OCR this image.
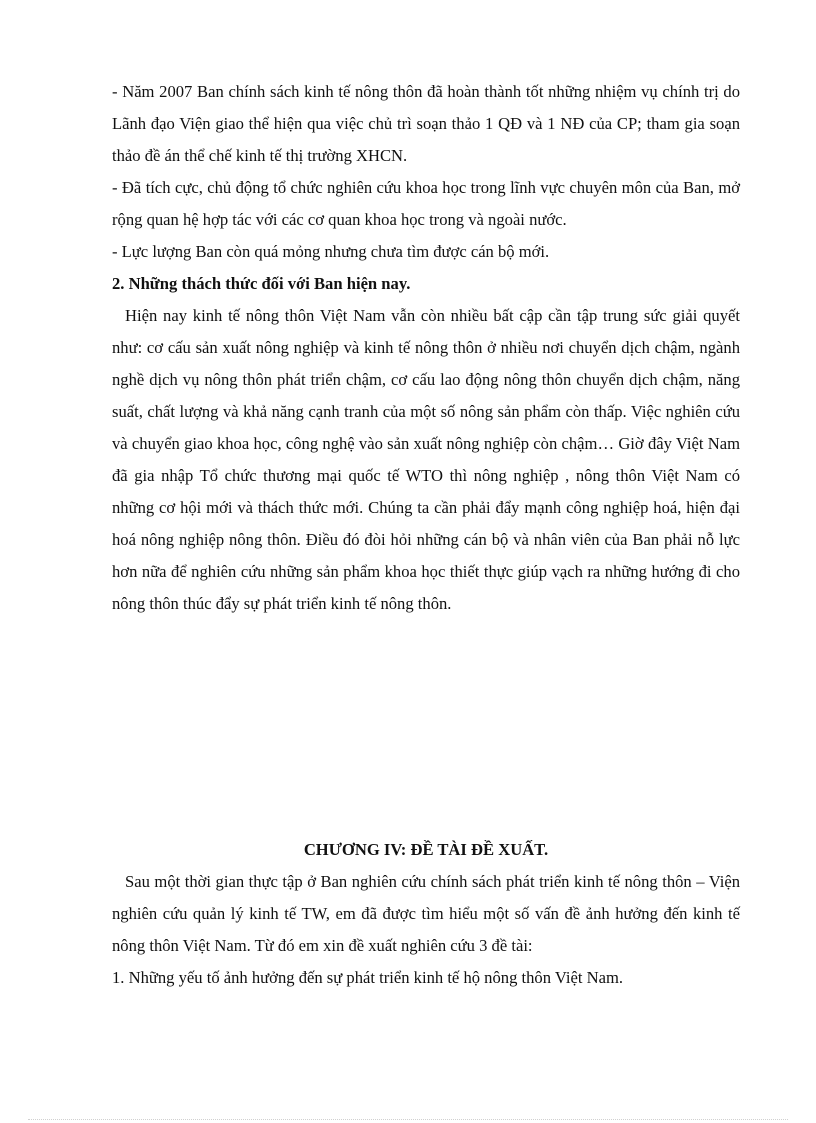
- Năm 2007 Ban chính sách kinh tế nông thôn đã hoàn thành tốt những nhiệm vụ chính trị do Lãnh đạo Viện giao thể hiện qua việc chủ trì soạn thảo 1 QĐ và 1 NĐ của CP; tham gia soạn thảo đề án thể chế kinh tế thị trường XHCN.

- Đã tích cực, chủ động tổ chức nghiên cứu khoa học trong lĩnh vực chuyên môn của Ban, mở rộng quan hệ hợp tác với các cơ quan khoa học trong và ngoài nước.

- Lực lượng Ban còn quá mỏng nhưng chưa tìm được cán bộ mới.

2. Những thách thức đối với Ban hiện nay.

Hiện nay kinh tế nông thôn Việt Nam vẫn còn nhiều bất cập cần tập trung sức giải quyết như: cơ cấu sản xuất nông nghiệp và kinh tế nông thôn ở nhiều nơi chuyển dịch chậm, ngành nghề dịch vụ nông thôn phát triển chậm, cơ cấu lao động nông thôn chuyển dịch chậm, năng suất, chất lượng và khả năng cạnh tranh của một số nông sản phẩm còn thấp. Việc nghiên cứu và chuyển giao khoa học, công nghệ vào sản xuất nông nghiệp còn chậm… Giờ đây Việt Nam đã gia nhập Tổ chức thương mại quốc tế WTO thì nông nghiệp , nông thôn Việt Nam có những cơ hội mới và thách thức mới. Chúng ta cần phải đẩy mạnh công nghiệp hoá, hiện đại hoá nông nghiệp nông thôn. Điều đó đòi hỏi những cán bộ và nhân viên của Ban phải nỗ lực hơn nữa để nghiên cứu những sản phẩm khoa học thiết thực giúp vạch ra những hướng đi cho nông thôn thúc đẩy sự phát triển kinh tế nông thôn.

CHƯƠNG IV: ĐỀ TÀI ĐỀ XUẤT.

Sau một thời gian thực tập ở Ban nghiên cứu chính sách phát triển kinh tế nông thôn – Viện nghiên cứu quản lý kinh tế TW, em đã được tìm hiểu một số vấn đề ảnh hưởng đến kinh tế nông thôn Việt Nam. Từ đó em xin đề xuất nghiên cứu 3 đề tài:

1. Những yếu tố ảnh hưởng đến sự phát triển kinh tế hộ nông thôn Việt Nam.
